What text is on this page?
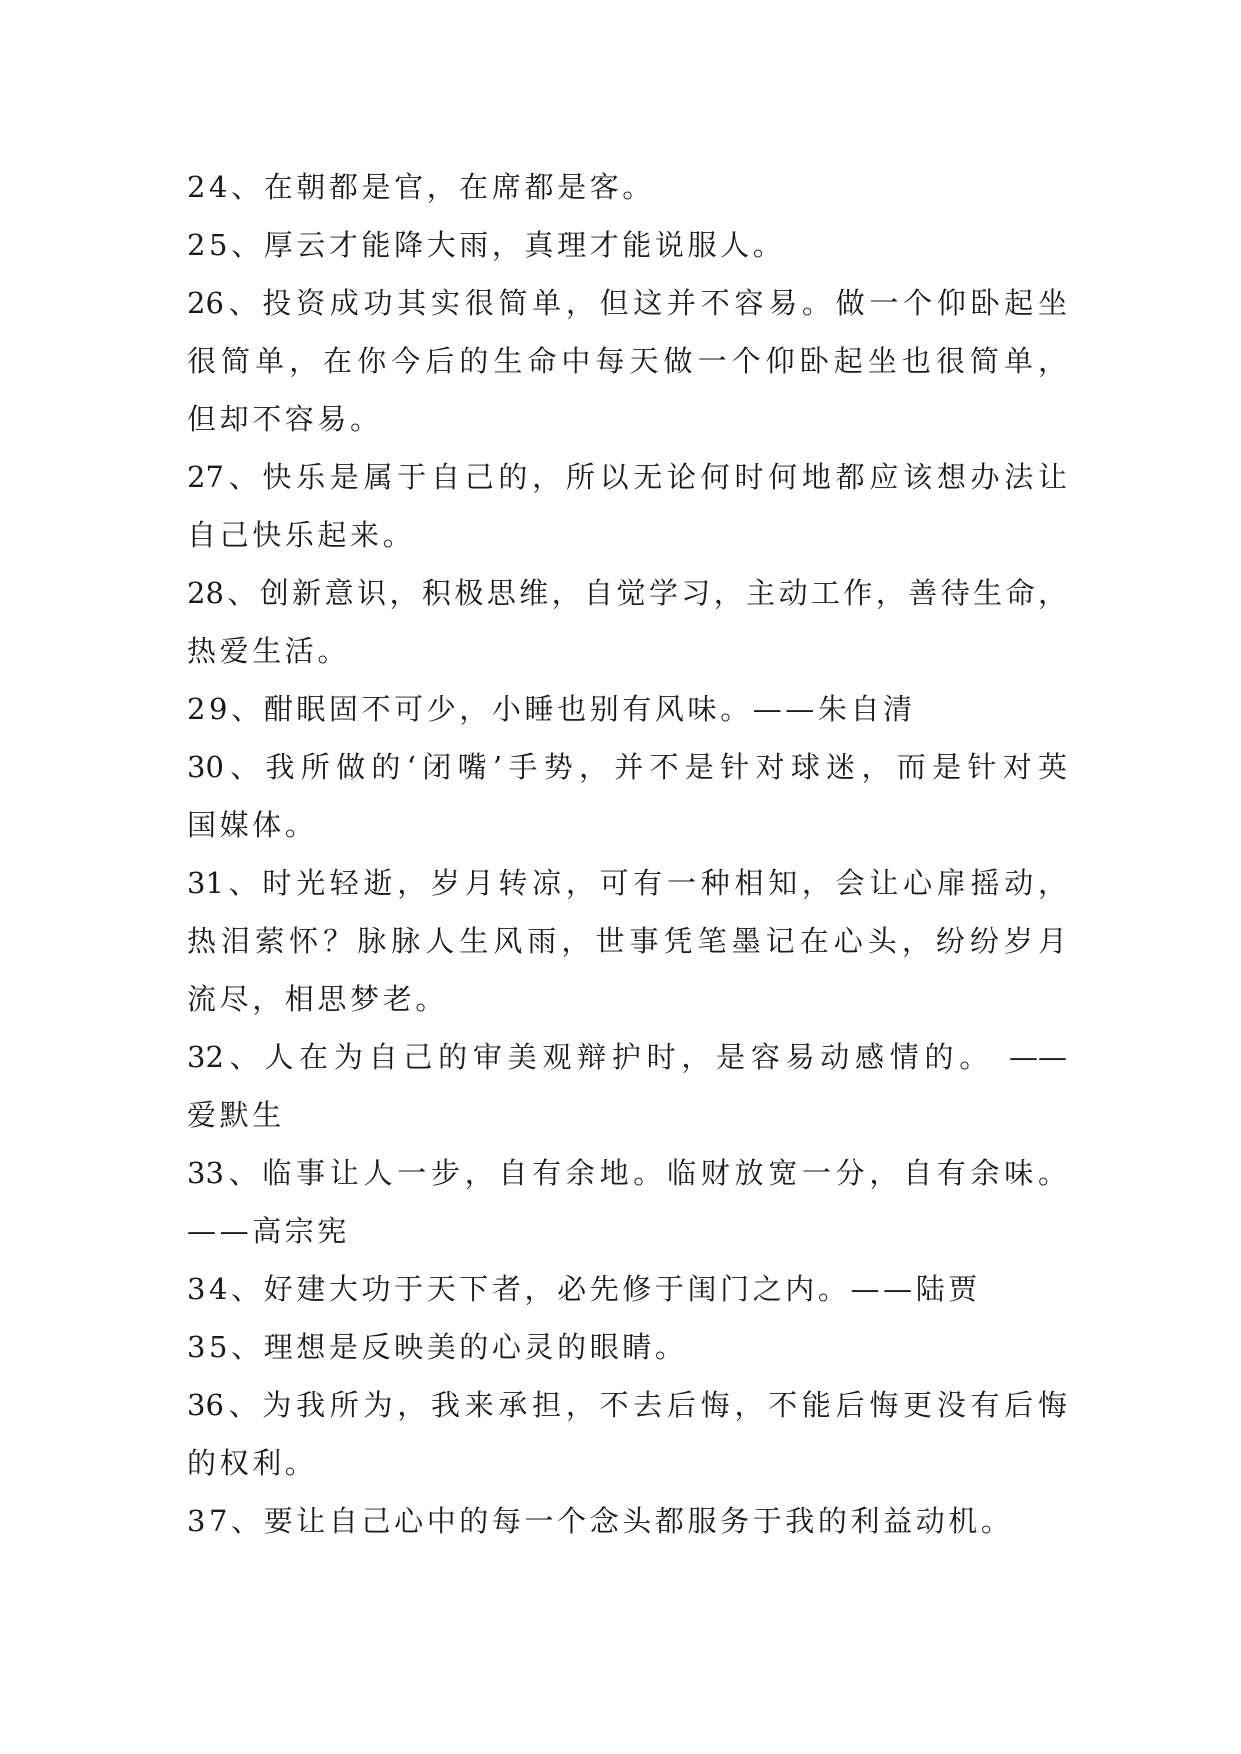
24、在朝都是官，在席都是客。
25、厚云才能降大雨，真理才能说服人。
26、投资成功其实很简单，但这并不容易。做一个仰卧起坐
很简单，在你今后的生命中每天做一个仰卧起坐也很简单，
但却不容易。
27、快乐是属于自己的，所以无论何时何地都应该想办法让
自己快乐起来。
28、创新意识，积极思维，自觉学习，主动工作，善待生命，
热爱生活。
29、酣眠固不可少，小睡也别有风味。——朱自清
30、我所做的‘闭嘴’手势，并不是针对球迷，而是针对英
国媒体。
31、时光轻逝，岁月转凉，可有一种相知，会让心扉摇动，
热泪萦怀？脉脉人生风雨，世事凭笔墨记在心头，纷纷岁月
流尽，相思梦老。
32、人在为自己的审美观辩护时，是容易动感情的。 ——
爱默生
33、临事让人一步，自有余地。临财放宽一分，自有余味。
——高宗宪
34、好建大功于天下者，必先修于闺门之内。——陆贾
35、理想是反映美的心灵的眼睛。
36、为我所为，我来承担，不去后悔，不能后悔更没有后悔
的权利。
37、要让自己心中的每一个念头都服务于我的利益动机。
